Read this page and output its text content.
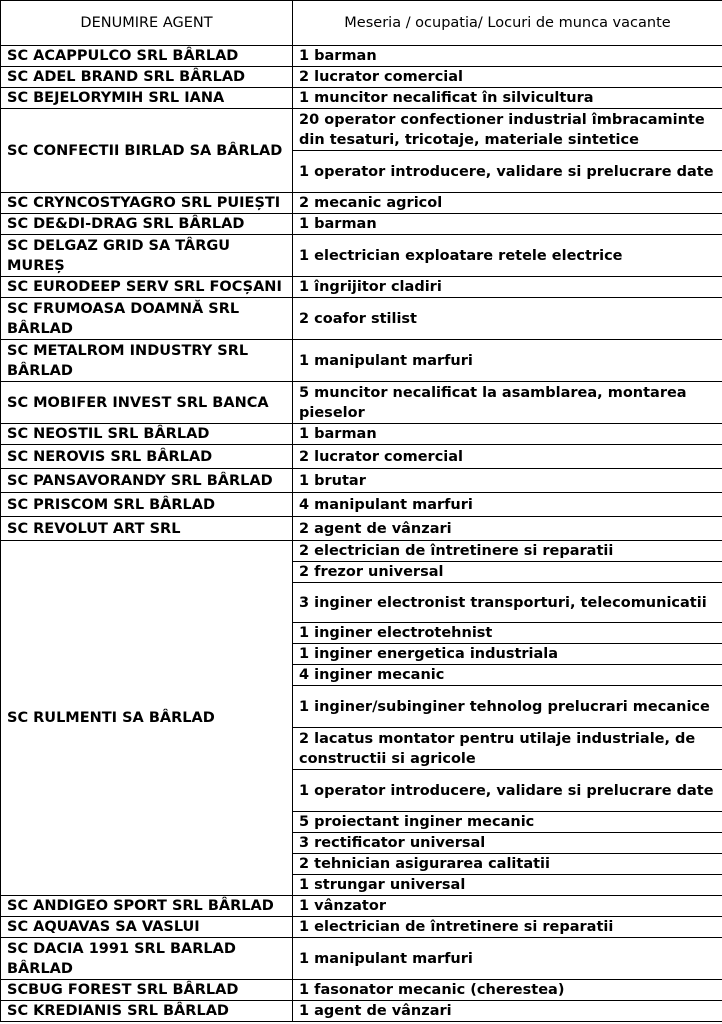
DENUMIRE AGENT	Meseria / ocupatia/ Locuri de munca vacante
SC ACAPPULCO SRL BÂRLAD	1 barman
SC ADEL BRAND SRL BÂRLAD	2 lucrator comercial
SC BEJELORYMIH SRL IANA	1 muncitor necalificat în silvicultura
SC CONFECTII BIRLAD SA BÂRLAD	20 operator confectioner industrial îmbracaminte din tesaturi, tricotaje, materiale sintetice
	1 operator introducere, validare si prelucrare date
SC CRYNCOSTYAGRO SRL PUIEȘTI	2 mecanic agricol
SC DE&DI-DRAG SRL BÂRLAD	1 barman
SC DELGAZ GRID SA TÂRGU MUREȘ	1 electrician exploatare retele electrice
SC EURODEEP SERV SRL FOCȘANI	1 îngrijitor cladiri
SC FRUMOASA DOAMNĂ SRL BÂRLAD	2 coafor stilist
SC METALROM INDUSTRY SRL BÂRLAD	1 manipulant marfuri
SC MOBIFER INVEST SRL BANCA	5 muncitor necalificat la asamblarea, montarea pieselor
SC NEOSTIL SRL BÂRLAD	1 barman
SC NEROVIS SRL BÂRLAD	2 lucrator comercial
SC PANSAVORANDY SRL BÂRLAD	1 brutar
SC PRISCOM SRL BÂRLAD	4 manipulant marfuri
SC REVOLUT ART SRL	2 agent de vânzari
SC RULMENTI SA BÂRLAD	2 electrician de întretinere si reparatii
	2 frezor universal
	3 inginer electronist transporturi, telecomunicatii
	1 inginer electrotehnist
	1 inginer energetica industriala
	4 inginer mecanic
	1 inginer/subinginer tehnolog prelucrari mecanice
	2 lacatus montator pentru utilaje industriale, de constructii si agricole
	1 operator introducere, validare si prelucrare date
	5 proiectant inginer mecanic
	3 rectificator universal
	2 tehnician asigurarea calitatii
	1 strungar universal
SC ANDIGEO SPORT SRL BÂRLAD	1 vânzator
SC AQUAVAS SA VASLUI	1 electrician de întretinere si reparatii
SC DACIA 1991 SRL BARLAD BÂRLAD	1 manipulant marfuri
SCBUG FOREST SRL BÂRLAD	1 fasonator mecanic (cherestea)
SC KREDIANIS SRL BÂRLAD	1 agent de vânzari
